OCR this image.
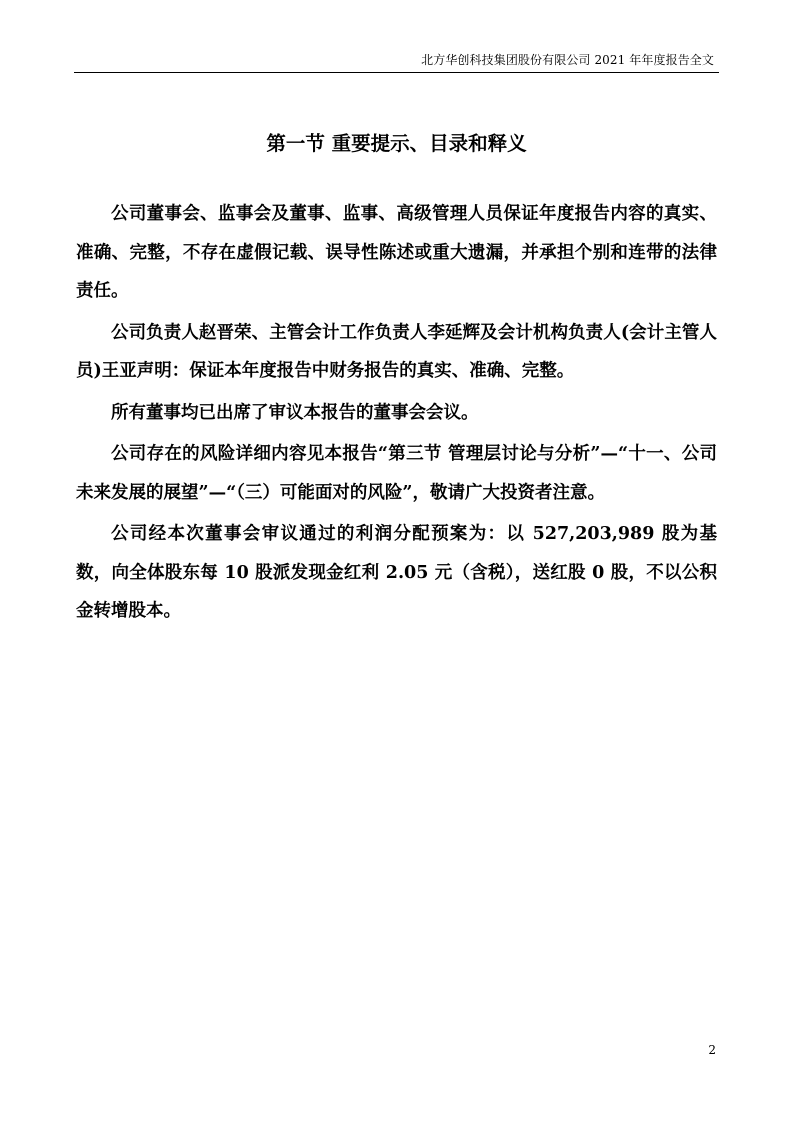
北方华创科技集团股份有限公司 2021 年年度报告全文
第一节 重要提示、目录和释义

公司董事会、监事会及董事、监事、高级管理人员保证年度报告内容的真实、准确、完整，不存在虚假记载、误导性陈述或重大遗漏，并承担个别和连带的法律责任。

公司负责人赵晋荣、主管会计工作负责人李延辉及会计机构负责人(会计主管人员)王亚声明：保证本年度报告中财务报告的真实、准确、完整。

所有董事均已出席了审议本报告的董事会会议。

公司存在的风险详细内容见本报告“第三节 管理层讨论与分析”—“十一、公司未来发展的展望”—“（三）可能面对的风险”，敬请广大投资者注意。

公司经本次董事会审议通过的利润分配预案为：以 527,203,989 股为基数，向全体股东每 10 股派发现金红利 2.05 元（含税），送红股 0 股，不以公积金转增股本。

2
